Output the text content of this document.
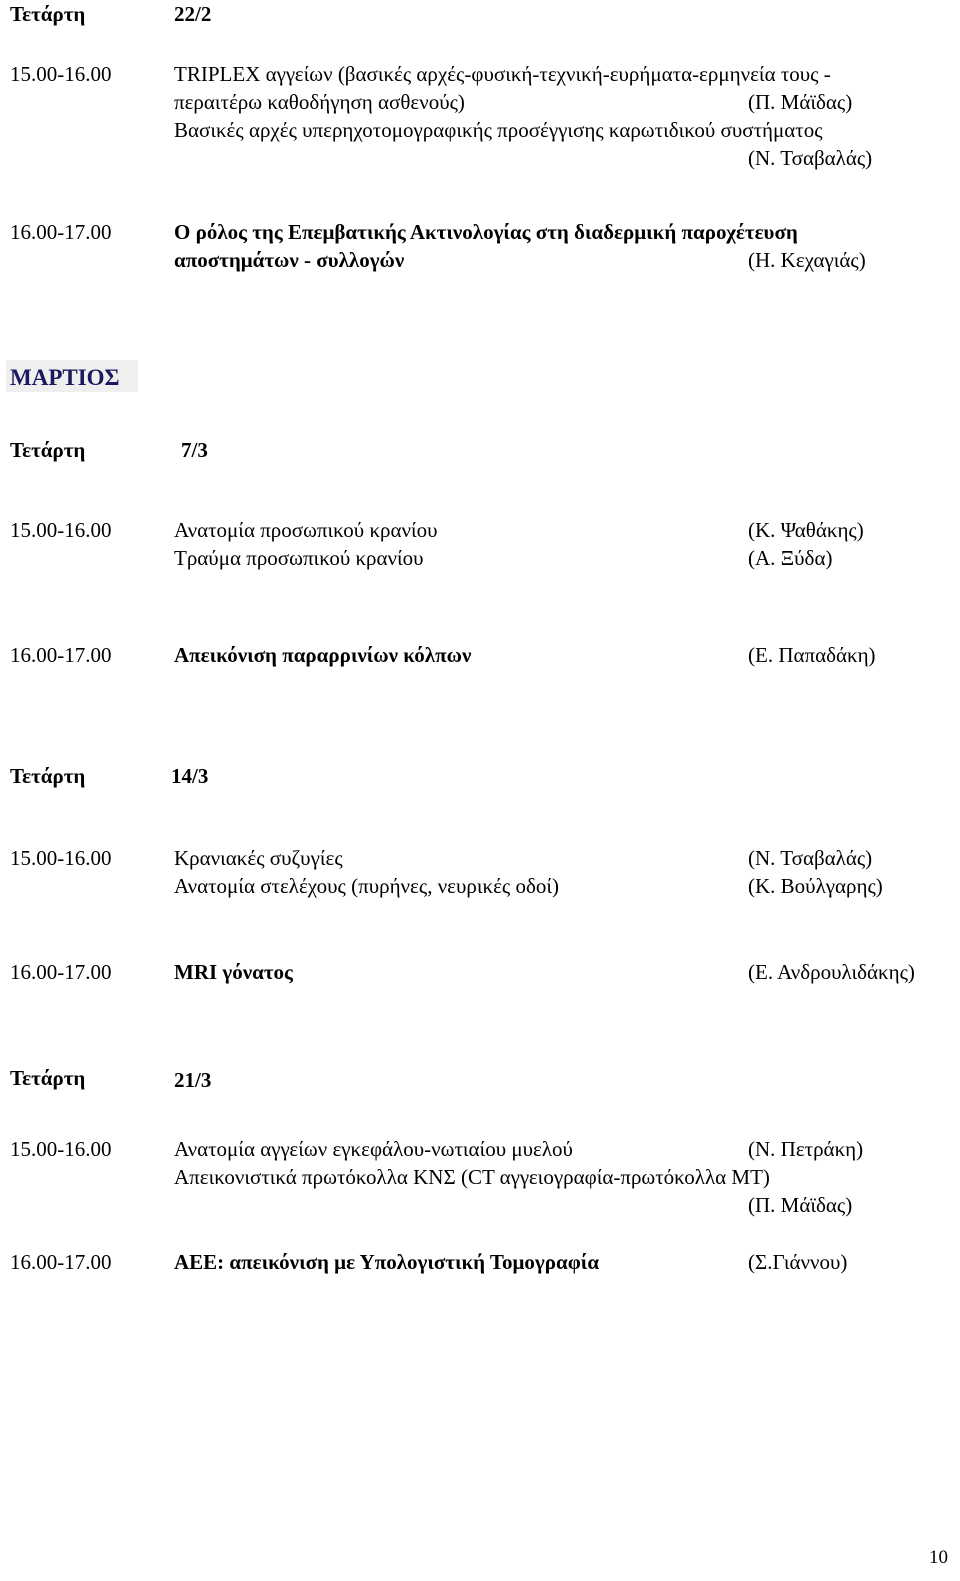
Τετάρτη	22/2
15.00-16.00	TRIPLEX αγγείων (βασικές αρχές-φυσική-τεχνική-ευρήματα-ερμηνεία τους -
περαιτέρω καθοδήγηση ασθενούς)	(Π. Μάϊδας)
Βασικές αρχές υπερηχοτομογραφικής προσέγγισης καρωτιδικού συστήματος
(Ν. Τσαβαλάς)
16.00-17.00	Ο ρόλος της Επεμβατικής Ακτινολογίας στη διαδερμική παροχέτευση
αποστημάτων - συλλογών	(Η. Κεχαγιάς)
ΜΑΡΤΙΟΣ
Τετάρτη	7/3
15.00-16.00	Ανατομία προσωπικού κρανίου	(Κ. Ψαθάκης)
Τραύμα προσωπικού κρανίου	(Α. Ξύδα)
16.00-17.00	Απεικόνιση παραρρινίων κόλπων	(Ε. Παπαδάκη)
Τετάρτη	14/3
15.00-16.00	Κρανιακές συζυγίες	(Ν. Τσαβαλάς)
Ανατομία στελέχους (πυρήνες, νευρικές οδοί)	(Κ. Βούλγαρης)
16.00-17.00	MRI γόνατος	(Ε. Ανδρουλιδάκης)
Τετάρτη	21/3
15.00-16.00	Ανατομία αγγείων εγκεφάλου-νωτιαίου μυελού	(Ν. Πετράκη)
Απεικονιστικά πρωτόκολλα ΚΝΣ (CT αγγειογραφία-πρωτόκολλα MT)
(Π. Μάϊδας)
16.00-17.00	ΑΕΕ: απεικόνιση με Υπολογιστική Τομογραφία	(Σ.Γιάννου)
10
